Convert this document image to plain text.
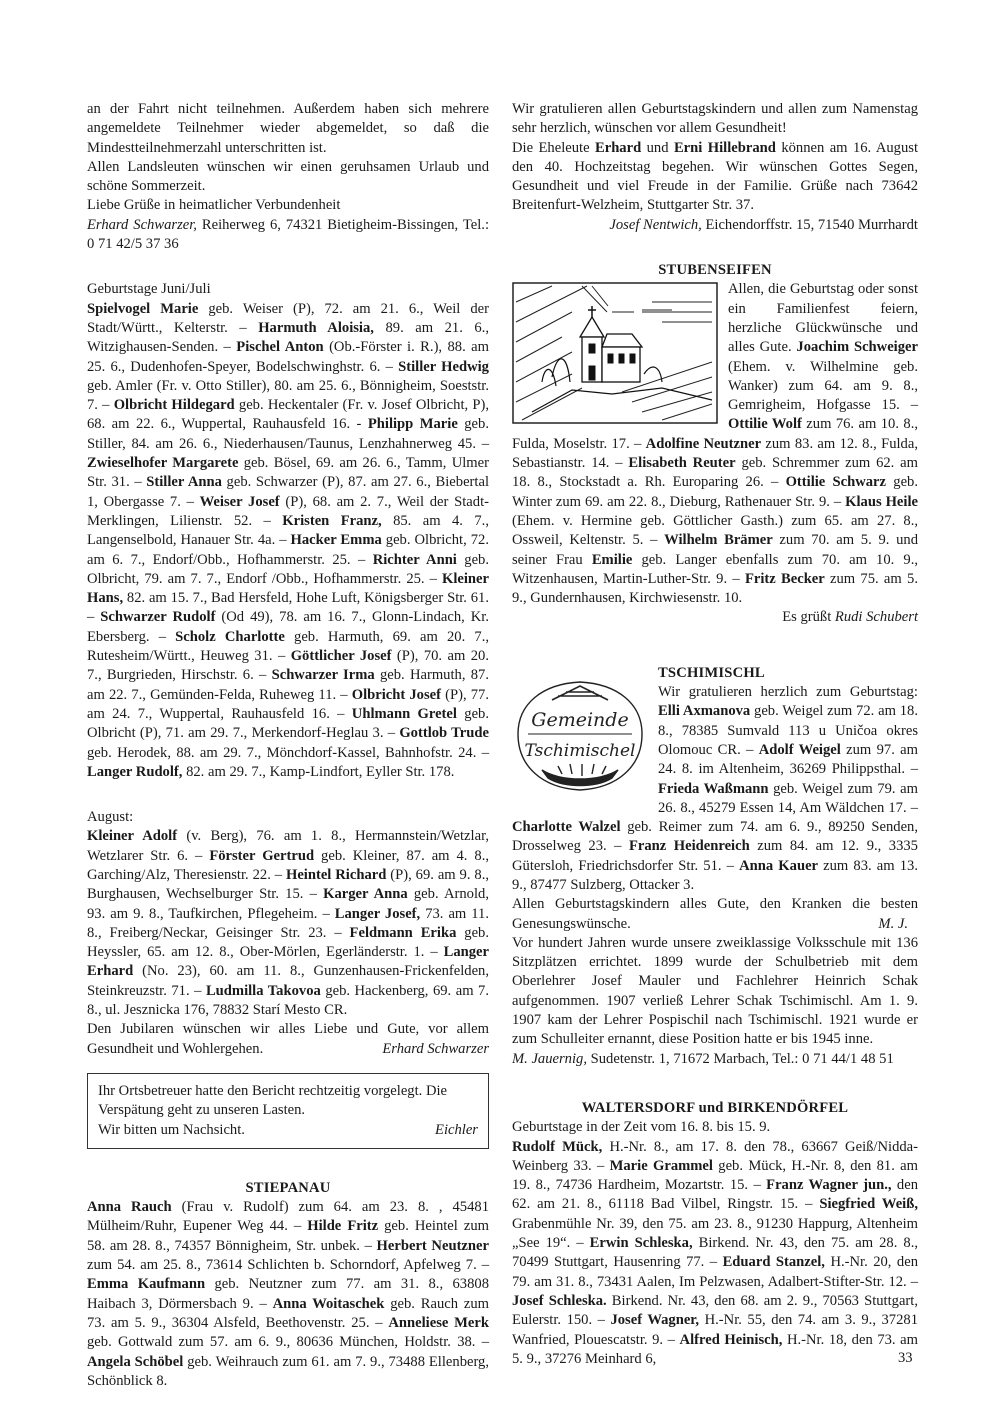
an der Fahrt nicht teilnehmen. Außerdem haben sich mehrere angemeldete Teilnehmer wieder abgemeldet, so daß die Mindestteilnehmerzahl unterschritten ist.

Allen Landsleuten wünschen wir einen geruhsamen Urlaub und schöne Sommerzeit.

Liebe Grüße in heimatlicher Verbundenheit

Erhard Schwarzer, Reiherweg 6, 74321 Bietigheim-Bissingen, Tel.: 0 71 42/5 37 36

Geburtstage Juni/Juli

Spielvogel Marie geb. Weiser (P), 72. am 21. 6., Weil der Stadt/Württ., Kelterstr. – Harmuth Aloisia, 89. am 21. 6., Witzighausen-Senden. – Pischel Anton (Ob.-Förster i. R.), 88. am 25. 6., Dudenhofen-Speyer, Bodelschwinghstr. 6. – Stiller Hedwig geb. Amler (Fr. v. Otto Stiller), 80. am 25. 6., Bönnigheim, Soeststr. 7. – Olbricht Hildegard geb. Heckentaler (Fr. v. Josef Olbricht, P), 68. am 22. 6., Wuppertal, Rauhausfeld 16. - Philipp Marie geb. Stiller, 84. am 26. 6., Niederhausen/Taunus, Lenzhahnerweg 45. – Zwieselhofer Margarete geb. Bösel, 69. am 26. 6., Tamm, Ulmer Str. 31. – Stiller Anna geb. Schwarzer (P), 87. am 27. 6., Biebertal 1, Obergasse 7. – Weiser Josef (P), 68. am 2. 7., Weil der Stadt-Merklingen, Lilienstr. 52. – Kristen Franz, 85. am 4. 7., Langenselbold, Hanauer Str. 4a. – Hacker Emma geb. Olbricht, 72. am 6. 7., Endorf/Obb., Hofhammerstr. 25. – Richter Anni geb. Olbricht, 79. am 7. 7., Endorf /Obb., Hofhammerstr. 25. – Kleiner Hans, 82. am 15. 7., Bad Hersfeld, Hohe Luft, Königsberger Str. 61. – Schwarzer Rudolf (Od 49), 78. am 16. 7., Glonn-Lindach, Kr. Ebersberg. – Scholz Charlotte geb. Harmuth, 69. am 20. 7., Rutesheim/Württ., Heuweg 31. – Göttlicher Josef (P), 70. am 20. 7., Burgrieden, Hirschstr. 6. – Schwarzer Irma geb. Harmuth, 87. am 22. 7., Gemünden-Felda, Ruheweg 11. – Olbricht Josef (P), 77. am 24. 7., Wuppertal, Rauhausfeld 16. – Uhlmann Gretel geb. Olbricht (P), 71. am 29. 7., Merkendorf-Heglau 3. – Gottlob Trude geb. Herodek, 88. am 29. 7., Mönchdorf-Kassel, Bahnhofstr. 24. – Langer Rudolf, 82. am 29. 7., Kamp-Lindfort, Eyller Str. 178.

August:

Kleiner Adolf (v. Berg), 76. am 1. 8., Hermannstein/Wetzlar, Wetzlarer Str. 6. – Förster Gertrud geb. Kleiner, 87. am 4. 8., Garching/Alz, Theresienstr. 22. – Heintel Richard (P), 69. am 9. 8., Burghausen, Wechselburger Str. 15. – Karger Anna geb. Arnold, 93. am 9. 8., Taufkirchen, Pflegeheim. – Langer Josef, 73. am 11. 8., Freiberg/Neckar, Geisinger Str. 23. – Feldmann Erika geb. Heyssler, 65. am 12. 8., Ober-Mörlen, Egerländerstr. 1. – Langer Erhard (No. 23), 60. am 11. 8., Gunzenhausen-Frickenfelden, Steinkreuzstr. 71. – Ludmilla Takovoa geb. Hackenberg, 69. am 7. 8., ul. Jesznicka 176, 78832 Starí Mesto CR.

Den Jubilaren wünschen wir alles Liebe und Gute, vor allem Gesundheit und Wohlergehen.	Erhard Schwarzer

Ihr Ortsbetreuer hatte den Bericht rechtzeitig vorgelegt. Die Verspätung geht zu unseren Lasten.

Wir bitten um Nachsicht.	Eichler

STIEPANAU

Anna Rauch (Frau v. Rudolf) zum 64. am 23. 8. , 45481 Mülheim/Ruhr, Eupener Weg 44. – Hilde Fritz geb. Heintel zum 58. am 28. 8., 74357 Bönnigheim, Str. unbek. – Herbert Neutzner zum 54. am 25. 8., 73614 Schlichten b. Schorndorf, Apfelweg 7. – Emma Kaufmann geb. Neutzner zum 77. am 31. 8., 63808 Haibach 3, Dörmersbach 9. – Anna Woitaschek geb. Rauch zum 73. am 5. 9., 36304 Alsfeld, Beethovenstr. 25. – Anneliese Merk geb. Gottwald zum 57. am 6. 9., 80636 München, Holdstr. 38. – Angela Schöbel geb. Weihrauch zum 61. am 7. 9., 73488 Ellenberg, Schönblick 8.

Wir gratulieren allen Geburtstagskindern und allen zum Namenstag sehr herzlich, wünschen vor allem Gesundheit!

Die Eheleute Erhard und Erni Hillebrand können am 16. August den 40. Hochzeitstag begehen. Wir wünschen Gottes Segen, Gesundheit und viel Freude in der Familie. Grüße nach 73642 Breitenfurt-Welzheim, Stuttgarter Str. 37.

Josef Nentwich, Eichendorffstr. 15, 71540 Murrhardt

STUBENSEIFEN

Allen, die Geburtstag oder sonst ein Familienfest feiern, herzliche Glückwünsche und alles Gute. Joachim Schweiger (Ehem. v. Wilhelmine geb. Wanker) zum 64. am 9. 8., Gemrigheim, Hofgasse 15. – Ottilie Wolf zum 76. am 10. 8., Fulda, Moselstr. 17. – Adolfine Neutzner zum 83. am 12. 8., Fulda, Sebastianstr. 14. – Elisabeth Reuter geb. Schremmer zum 62. am 18. 8., Stockstadt a. Rh. Europaring 26. – Ottilie Schwarz geb. Winter zum 69. am 22. 8., Dieburg, Rathenauer Str. 9. – Klaus Heile (Ehem. v. Hermine geb. Göttlicher Gasth.) zum 65. am 27. 8., Ossweil, Keltenstr. 5. – Wilhelm Brämer zum 70. am 5. 9. und seiner Frau Emilie geb. Langer ebenfalls zum 70. am 10. 9., Witzenhausen, Martin-Luther-Str. 9. – Fritz Becker zum 75. am 5. 9., Gundernhausen, Kirchwiesenstr. 10.

Es grüßt Rudi Schubert

Gemeinde
Tschimischel

TSCHIMISCHL

Wir gratulieren herzlich zum Geburtstag: Elli Axmanova geb. Weigel zum 72. am 18. 8., 78385 Sumvald 113 u Uničoa okres Olomouc CR. – Adolf Weigel zum 97. am 24. 8. im Altenheim, 36269 Philippsthal. – Frieda Waßmann geb. Weigel zum 79. am 26. 8., 45279 Essen 14, Am Wäldchen 17. – Charlotte Walzel geb. Reimer zum 74. am 6. 9., 89250 Senden, Drosselweg 23. – Franz Heidenreich zum 84. am 12. 9., 3335 Gütersloh, Friedrichsdorfer Str. 51. – Anna Kauer zum 83. am 13. 9., 87477 Sulzberg, Ottacker 3.

Allen Geburtstagskindern alles Gute, den Kranken die besten Genesungswünsche.	M. J.

Vor hundert Jahren wurde unsere zweiklassige Volksschule mit 136 Sitzplätzen errichtet. 1899 wurde der Schulbetrieb mit dem Oberlehrer Josef Mauler und Fachlehrer Heinrich Schak aufgenommen. 1907 verließ Lehrer Schak Tschimischl. Am 1. 9. 1907 kam der Lehrer Pospischil nach Tschimischl. 1921 wurde er zum Schulleiter ernannt, diese Position hatte er bis 1945 inne.

M. Jauernig, Sudetenstr. 1, 71672 Marbach, Tel.: 0 71 44/1 48 51

WALTERSDORF und BIRKENDÖRFEL

Geburtstage in der Zeit vom 16. 8. bis 15. 9.

Rudolf Mück, H.-Nr. 8., am 17. 8. den 78., 63667 Geiß/Nidda-Weinberg 33. – Marie Grammel geb. Mück, H.-Nr. 8, den 81. am 19. 8., 74736 Hardheim, Mozartstr. 15. – Franz Wagner jun., den 62. am 21. 8., 61118 Bad Vilbel, Ringstr. 15. – Siegfried Weiß, Grabenmühle Nr. 39, den 75. am 23. 8., 91230 Happurg, Altenheim „See 19“. – Erwin Schleska, Birkend. Nr. 43, den 75. am 28. 8., 70499 Stuttgart, Hausenring 77. – Eduard Stanzel, H.-Nr. 20, den 79. am 31. 8., 73431 Aalen, Im Pelzwasen, Adalbert-Stifter-Str. 12. – Josef Schleska. Birkend. Nr. 43, den 68. am 2. 9., 70563 Stuttgart, Eulerstr. 150. – Josef Wagner, H.-Nr. 55, den 74. am 3. 9., 37281 Wanfried, Plouescatstr. 9. – Alfred Heinisch, H.-Nr. 18, den 73. am 5. 9., 37276 Meinhard 6,	33
